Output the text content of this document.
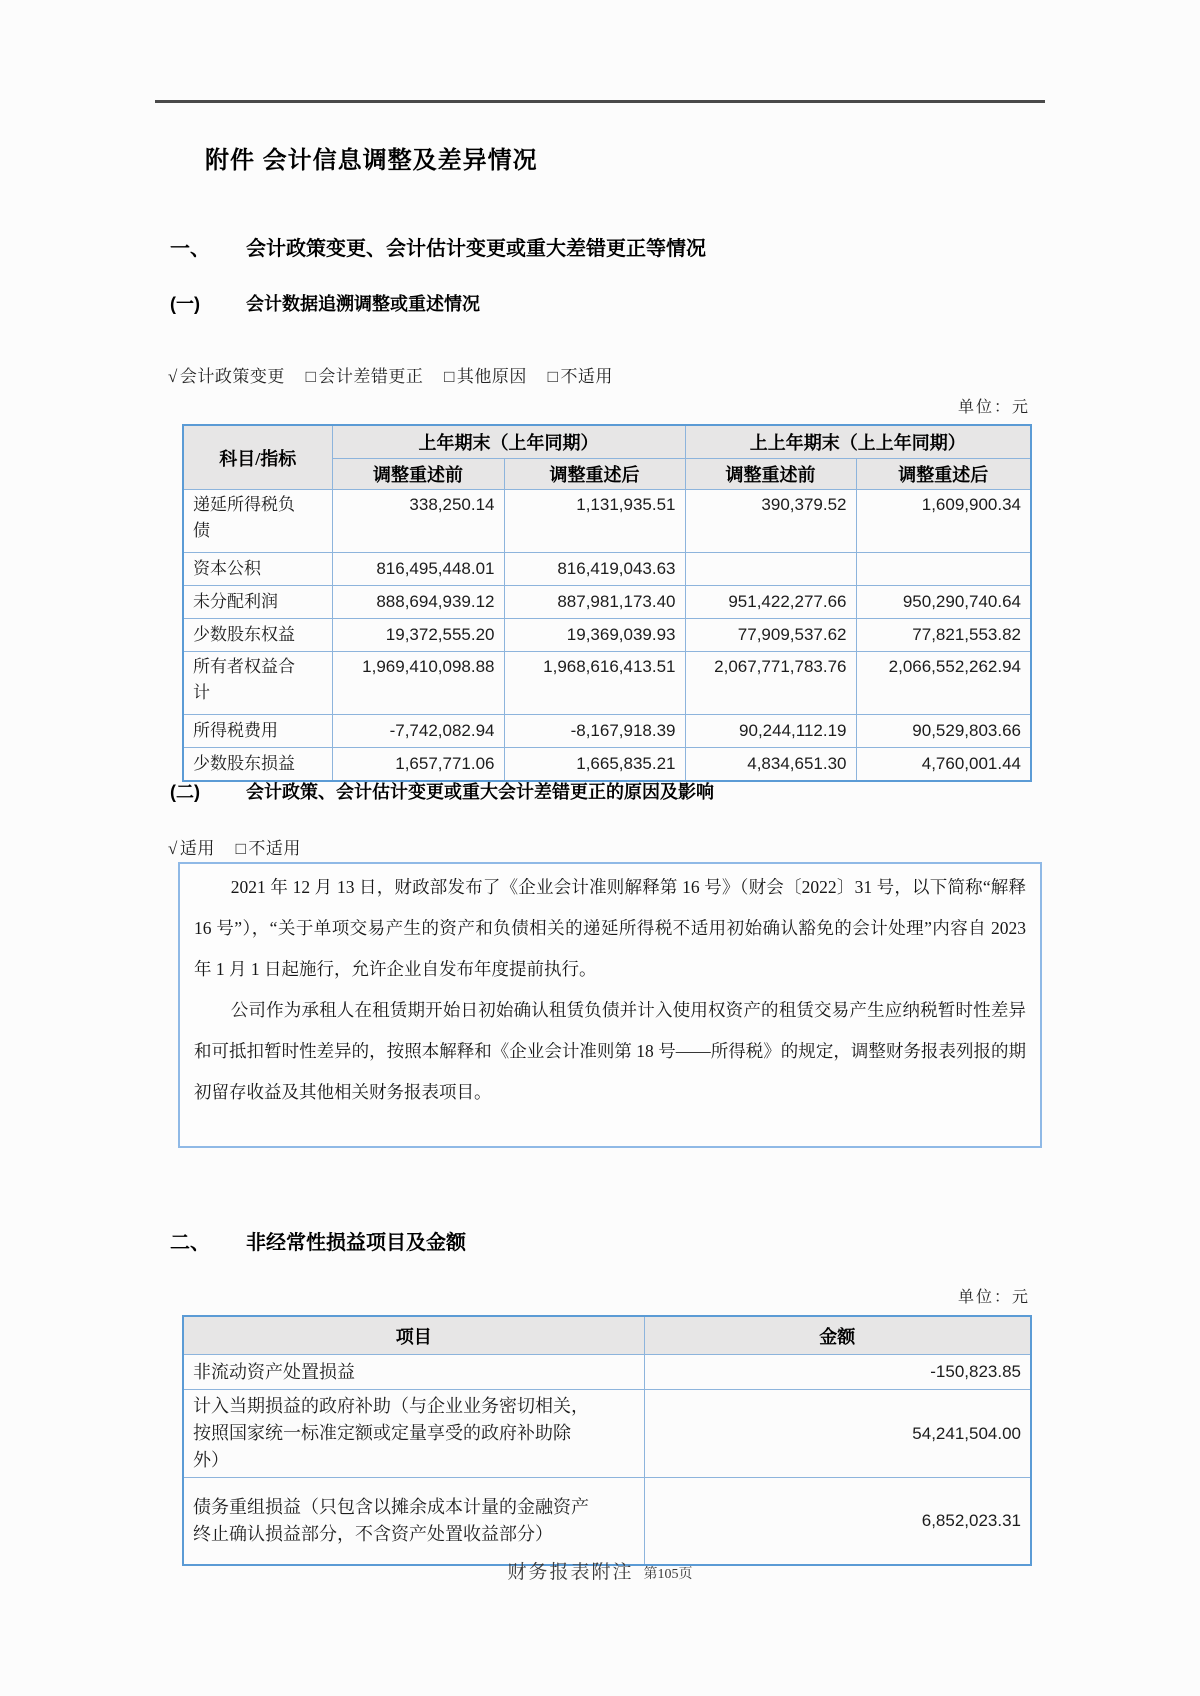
附件 会计信息调整及差异情况
一、	会计政策变更、会计估计变更或重大差错更正等情况
(一)	会计数据追溯调整或重述情况
√ 会计政策变更 □ 会计差错更正 □ 其他原因 □ 不适用
单位：元
科目/指标	上年期末（上年同期）		上上年期末（上上年同期）	
	调整重述前	调整重述后	调整重述前	调整重述后
递延所得税负债	338,250.14	1,131,935.51	390,379.52	1,609,900.34
资本公积	816,495,448.01	816,419,043.63		
未分配利润	888,694,939.12	887,981,173.40	951,422,277.66	950,290,740.64
少数股东权益	19,372,555.20	19,369,039.93	77,909,537.62	77,821,553.82
所有者权益合计	1,969,410,098.88	1,968,616,413.51	2,067,771,783.76	2,066,552,262.94
所得税费用	-7,742,082.94	-8,167,918.39	90,244,112.19	90,529,803.66
少数股东损益	1,657,771.06	1,665,835.21	4,834,651.30	4,760,001.44
(二)	会计政策、会计估计变更或重大会计差错更正的原因及影响
√ 适用 □ 不适用

2021 年 12 月 13 日，财政部发布了《企业会计准则解释第 16 号》（财会〔2022〕31 号，以下简称“解释 16 号”），“关于单项交易产生的资产和负债相关的递延所得税不适用初始确认豁免的会计处理”内容自 2023 年 1 月 1 日起施行，允许企业自发布年度提前执行。

公司作为承租人在租赁期开始日初始确认租赁负债并计入使用权资产的租赁交易产生应纳税暂时性差异和可抵扣暂时性差异的，按照本解释和《企业会计准则第 18 号——所得税》的规定，调整财务报表列报的期初留存收益及其他相关财务报表项目。

二、	非经常性损益项目及金额
单位：元
项目	金额
非流动资产处置损益	-150,823.85
计入当期损益的政府补助（与企业业务密切相关，按照国家统一标准定额或定量享受的政府补助除外）	54,241,504.00
债务重组损益（只包含以摊余成本计量的金融资产终止确认损益部分，不含资产处置收益部分）	6,852,023.31
财务报表附注 第105页
